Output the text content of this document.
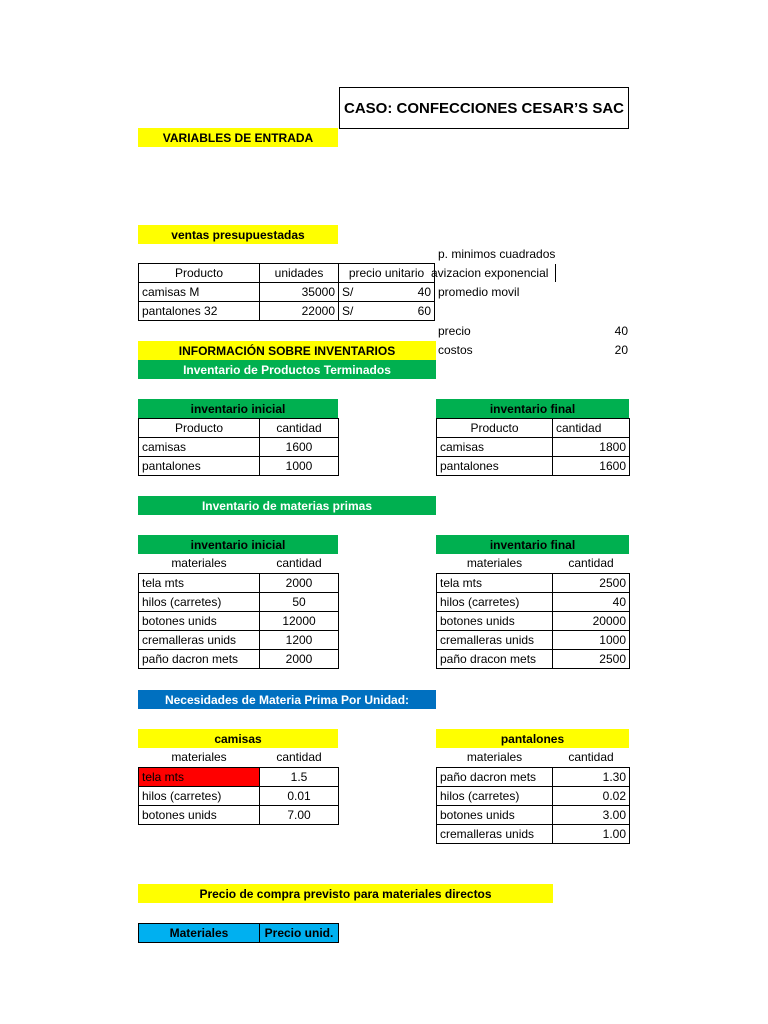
CASO: CONFECCIONES CESAR’S SAC
VARIABLES DE ENTRADA
ventas presupuestadas
Producto	unidades	precio unitario	
camisas M	35000	S/	40
pantalones 32	22000	S/	60
p. minimos cuadrados
avizacion exponencial
promedio movil
precio	40
costos	20
INFORMACIÓN SOBRE INVENTARIOS
Inventario de Productos Terminados
inventario inicial
Producto	cantidad
camisas	1600
pantalones	1000
inventario final
Producto	cantidad
camisas	1800
pantalones	1600
Inventario de materias primas
inventario inicial
materiales	cantidad
tela mts	2000
hilos (carretes)	50
botones unids	12000
cremalleras unids	1200
paño dacron mets	2000
inventario final
materiales	cantidad
tela mts	2500
hilos (carretes)	40
botones unids	20000
cremalleras unids	1000
paño dracon mets	2500
Necesidades de Materia Prima Por Unidad:
camisas
materiales	cantidad
tela mts	1.5
hilos (carretes)	0.01
botones unids	7.00
pantalones
materiales	cantidad
paño dacron mets	1.30
hilos (carretes)	0.02
botones unids	3.00
cremalleras unids	1.00
Precio de compra previsto para materiales directos
Materiales	Precio unid.
